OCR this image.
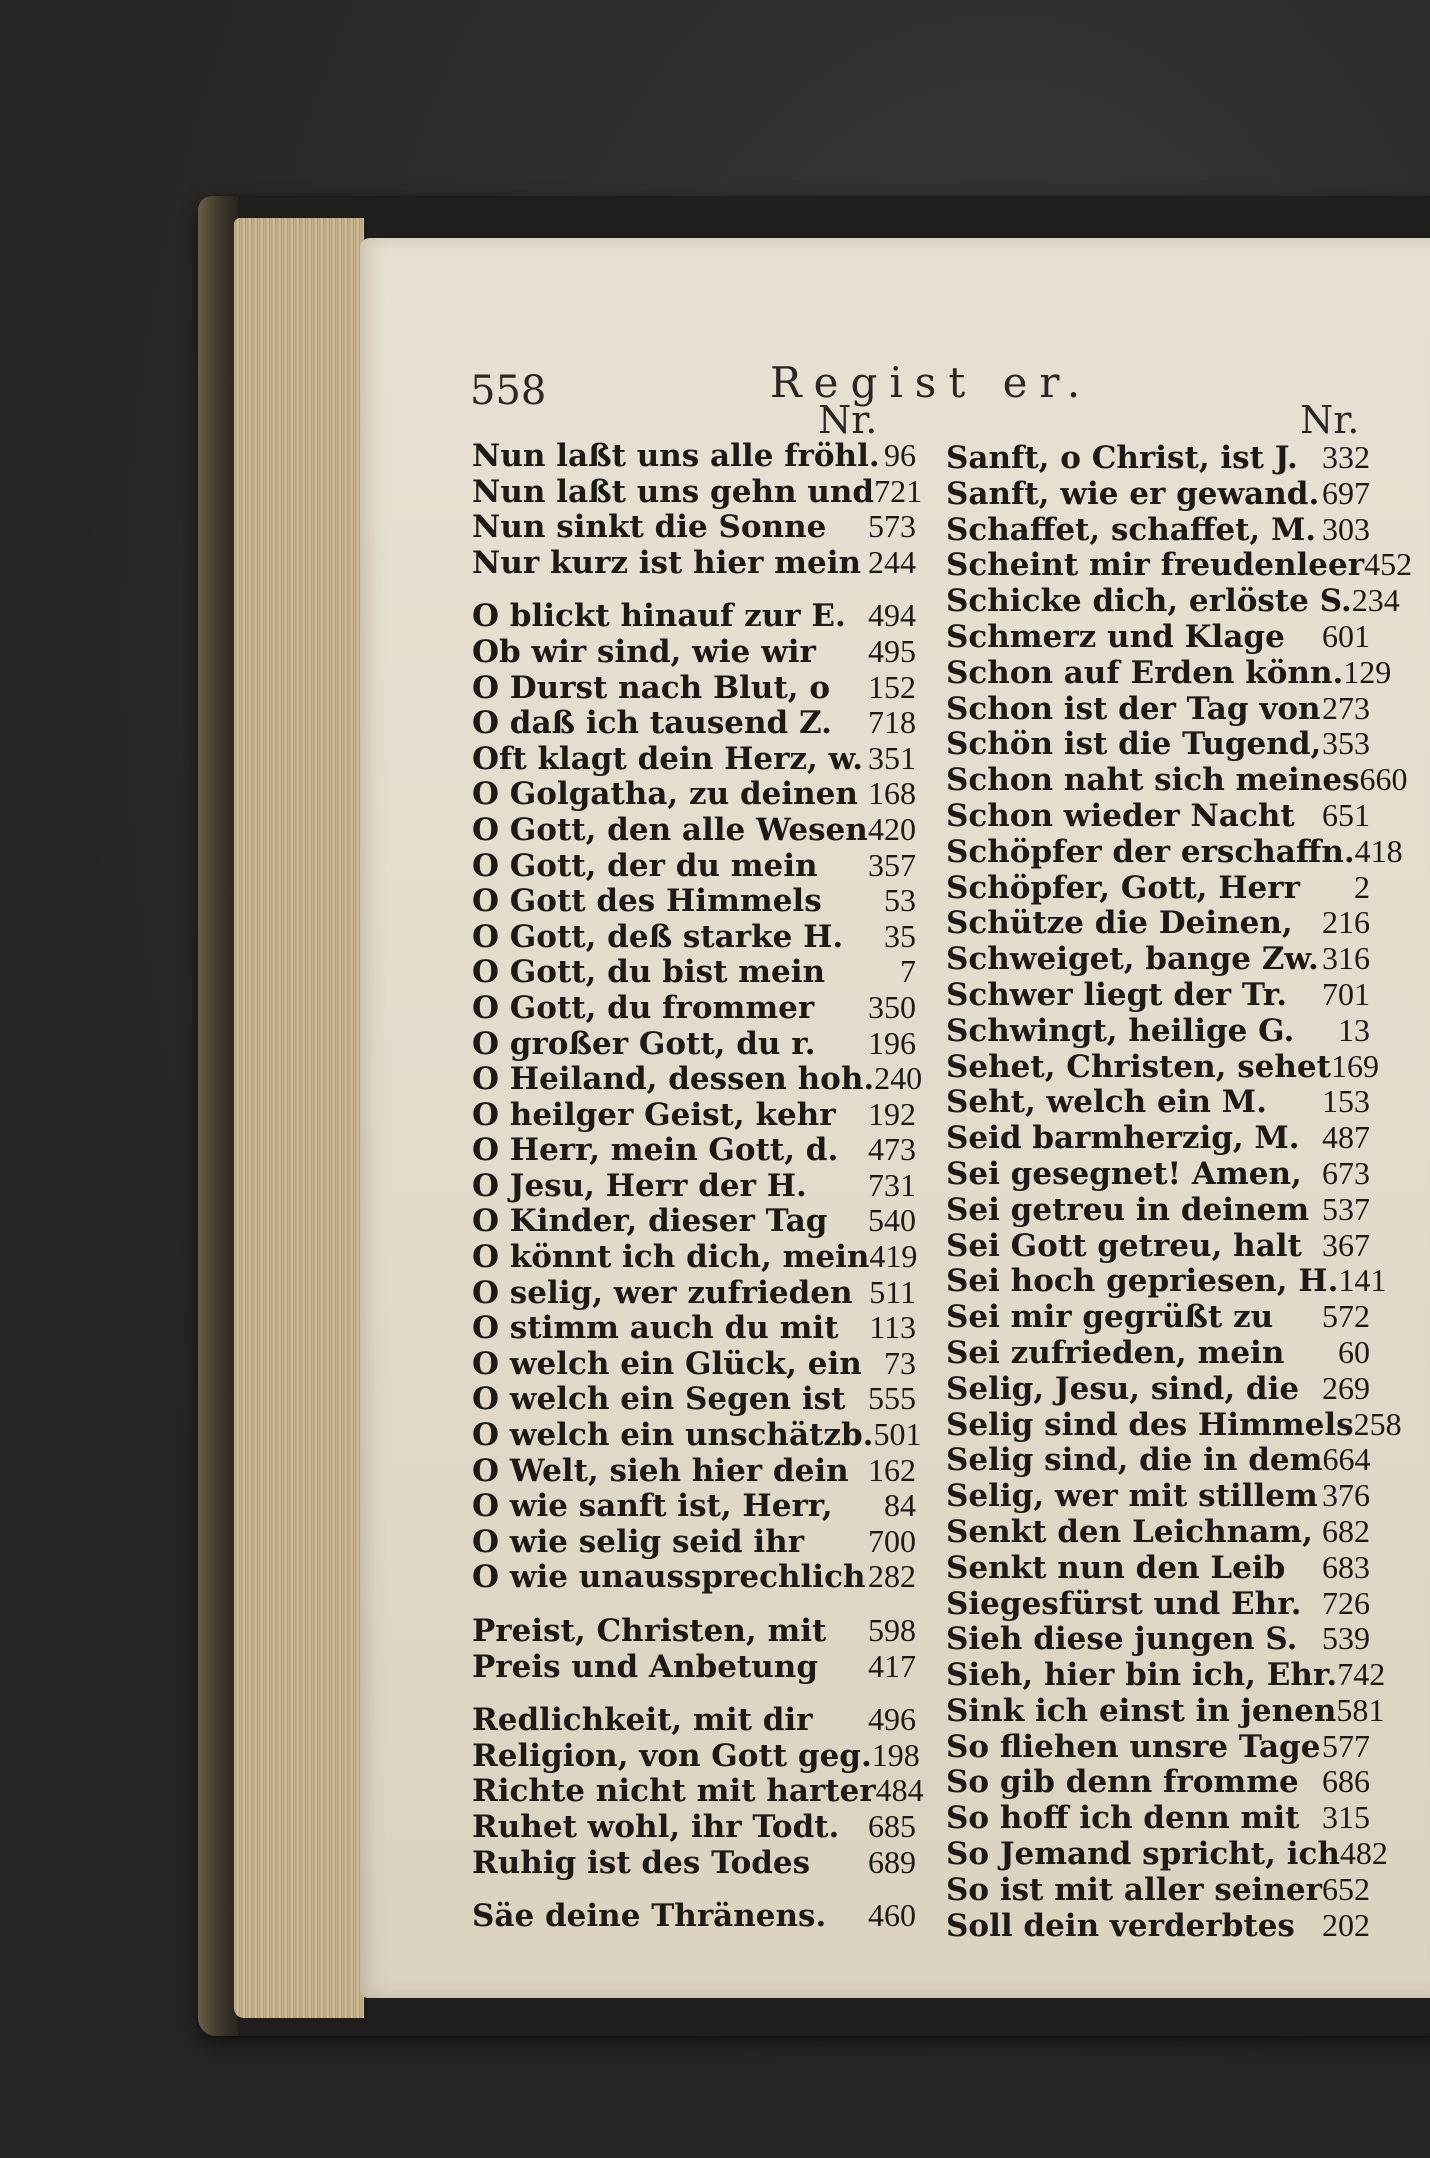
558	Regist er.
Nr.	Nr.
Nun laßt uns alle fröhl. 96
Nun laßt uns gehn und 721
Nun sinkt die Sonne 573
Nur kurz ist hier mein 244
O blickt hinauf zur E. 494
Ob wir sind, wie wir 495
O Durst nach Blut, o 152
O daß ich tausend Z. 718
Oft klagt dein Herz, w. 351
O Golgatha, zu deinen 168
O Gott, den alle Wesen 420
O Gott, der du mein 357
O Gott des Himmels 53
O Gott, deß starke H. 35
O Gott, du bist mein 7
O Gott, du frommer 350
O großer Gott, du r. 196
O Heiland, dessen hoh. 240
O heilger Geist, kehr 192
O Herr, mein Gott, d. 473
O Jesu, Herr der H. 731
O Kinder, dieser Tag 540
O könnt ich dich, mein 419
O selig, wer zufrieden 511
O stimm auch du mit 113
O welch ein Glück, ein 73
O welch ein Segen ist 555
O welch ein unschätzb. 501
O Welt, sieh hier dein 162
O wie sanft ist, Herr, 84
O wie selig seid ihr 700
O wie unaussprechlich 282
Preist, Christen, mit 598
Preis und Anbetung 417
Redlichkeit, mit dir 496
Religion, von Gott geg. 198
Richte nicht mit harter 484
Ruhet wohl, ihr Todt. 685
Ruhig ist des Todes 689
Säe deine Thränens. 460
Sanft, o Christ, ist J. 332
Sanft, wie er gewand. 697
Schaffet, schaffet, M. 303
Scheint mir freudenleer 452
Schicke dich, erlöste S. 234
Schmerz und Klage 601
Schon auf Erden könn. 129
Schon ist der Tag von 273
Schön ist die Tugend, 353
Schon naht sich meines 660
Schon wieder Nacht 651
Schöpfer der erschaffn. 418
Schöpfer, Gott, Herr 2
Schütze die Deinen, 216
Schweiget, bange Zw. 316
Schwer liegt der Tr. 701
Schwingt, heilige G. 13
Sehet, Christen, sehet 169
Seht, welch ein M. 153
Seid barmherzig, M. 487
Sei gesegnet! Amen, 673
Sei getreu in deinem 537
Sei Gott getreu, halt 367
Sei hoch gepriesen, H. 141
Sei mir gegrüßt zu 572
Sei zufrieden, mein 60
Selig, Jesu, sind, die 269
Selig sind des Himmels 258
Selig sind, die in dem 664
Selig, wer mit stillem 376
Senkt den Leichnam, 682
Senkt nun den Leib 683
Siegesfürst und Ehr. 726
Sieh diese jungen S. 539
Sieh, hier bin ich, Ehr. 742
Sink ich einst in jenen 581
So fliehen unsre Tage 577
So gib denn fromme 686
So hoff ich denn mit 315
So Jemand spricht, ich 482
So ist mit aller seiner 652
Soll dein verderbtes 202
